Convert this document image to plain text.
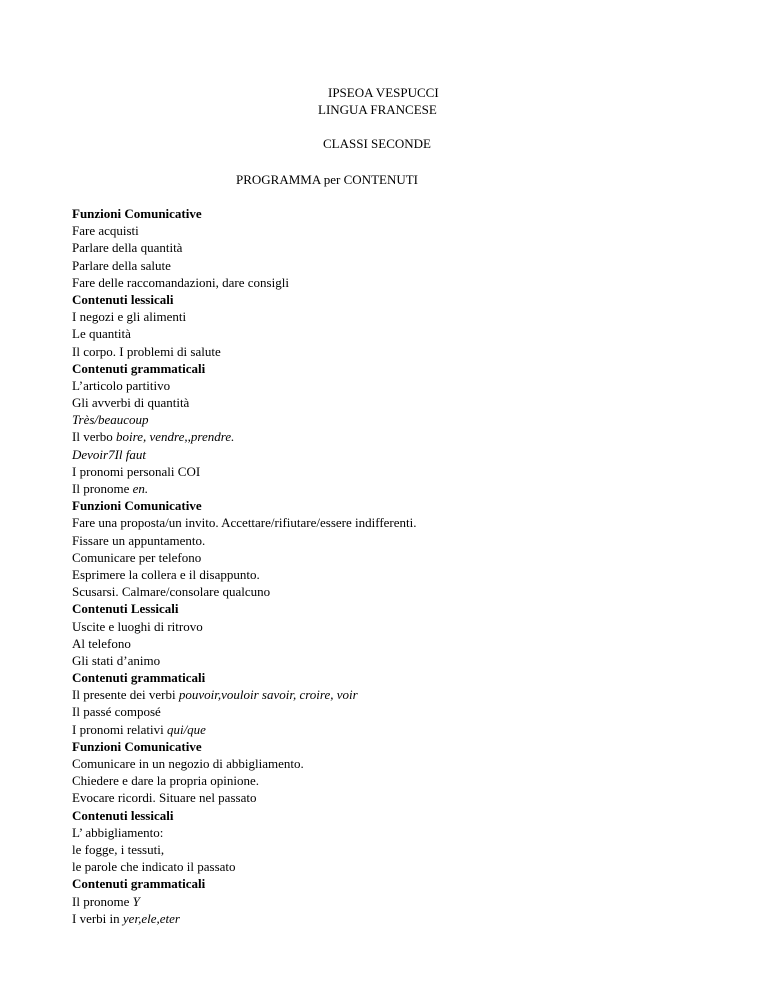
IPSEOA VESPUCCI
LINGUA FRANCESE
CLASSI SECONDE
PROGRAMMA per CONTENUTI
Funzioni Comunicative
Fare acquisti
Parlare della quantità
Parlare della salute
Fare delle raccomandazioni, dare consigli
Contenuti lessicali
I negozi e gli alimenti
Le quantità
Il corpo. I problemi di salute
Contenuti grammaticali
L’articolo partitivo
Gli avverbi di quantità
Très/beaucoup
Il verbo boire, vendre,,prendre.
Devoir7Il faut
I pronomi personali COI
Il pronome en.
Funzioni Comunicative
Fare una proposta/un invito. Accettare/rifiutare/essere indifferenti.
Fissare un appuntamento.
Comunicare per telefono
Esprimere la collera e il disappunto.
Scusarsi. Calmare/consolare qualcuno
Contenuti Lessicali
Uscite e luoghi di ritrovo
Al telefono
Gli stati d’animo
Contenuti grammaticali
Il presente dei verbi pouvoir,vouloir savoir, croire, voir
Il passé composé
I pronomi relativi qui/que
Funzioni Comunicative
Comunicare in un negozio di abbigliamento.
Chiedere e dare la propria opinione.
Evocare ricordi. Situare nel passato
Contenuti lessicali
L’ abbigliamento:
le fogge, i tessuti,
le parole che indicato il passato
Contenuti grammaticali
Il pronome Y
I verbi in yer,ele,eter
